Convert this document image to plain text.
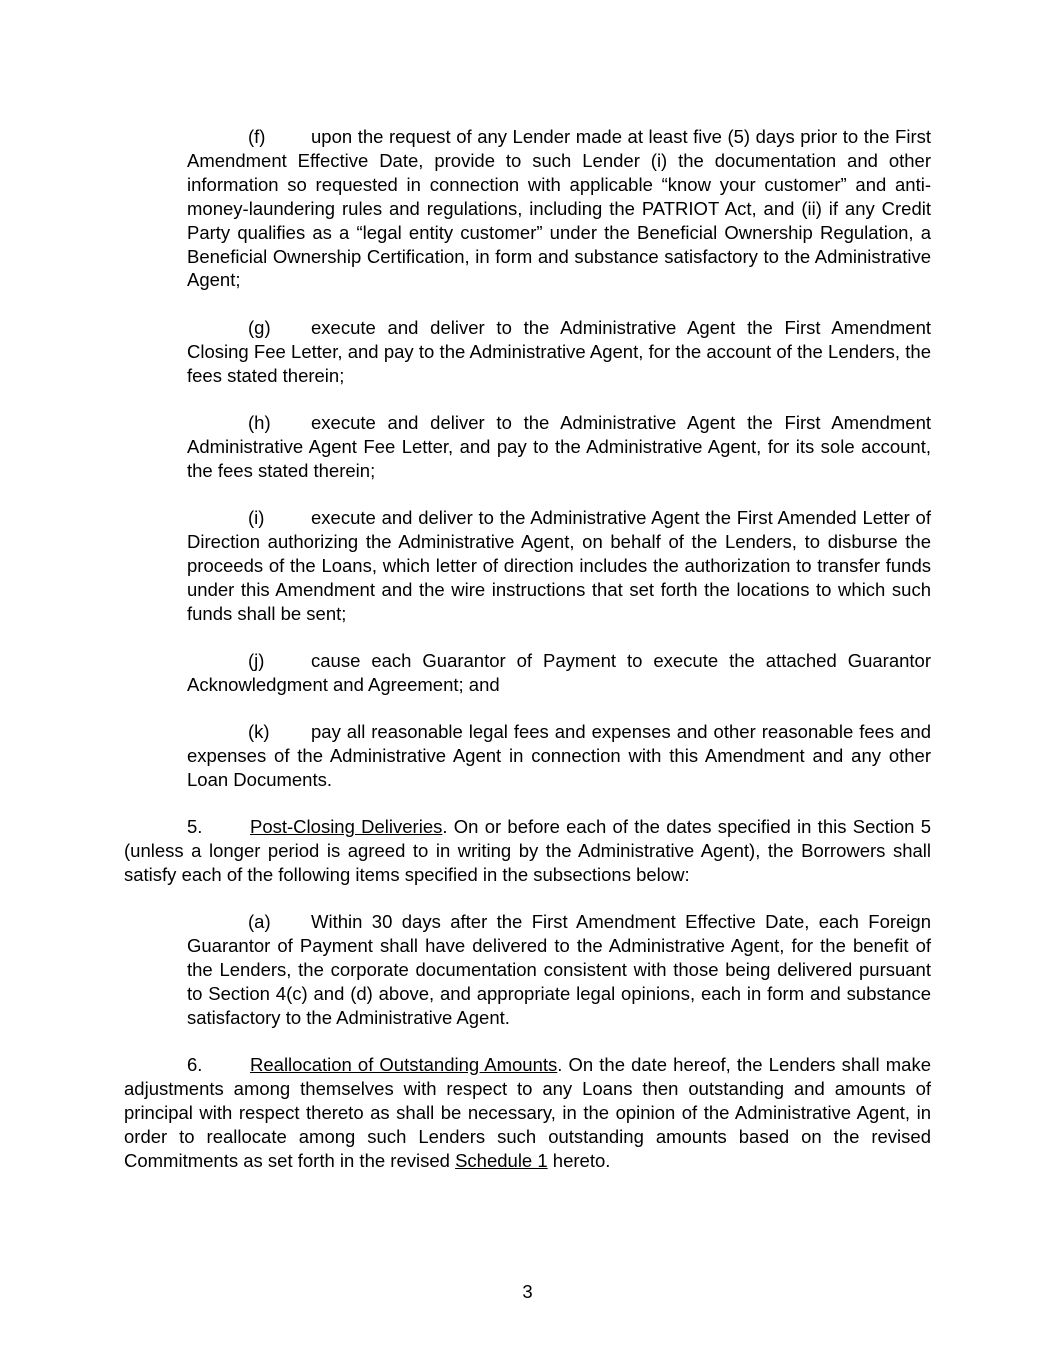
(f) upon the request of any Lender made at least five (5) days prior to the First Amendment Effective Date, provide to such Lender (i) the documentation and other information so requested in connection with applicable “know your customer” and anti-money-laundering rules and regulations, including the PATRIOT Act, and (ii) if any Credit Party qualifies as a “legal entity customer” under the Beneficial Ownership Regulation, a Beneficial Ownership Certification, in form and substance satisfactory to the Administrative Agent;

(g) execute and deliver to the Administrative Agent the First Amendment Closing Fee Letter, and pay to the Administrative Agent, for the account of the Lenders, the fees stated therein;

(h) execute and deliver to the Administrative Agent the First Amendment Administrative Agent Fee Letter, and pay to the Administrative Agent, for its sole account, the fees stated therein;

(i)	execute and deliver to the Administrative Agent the First Amended Letter of Direction authorizing the Administrative Agent, on behalf of the Lenders, to disburse the proceeds of the Loans, which letter of direction includes the authorization to transfer funds under this Amendment and the wire instructions that set forth the locations to which such funds shall be sent;

(j)	cause each Guarantor of Payment to execute the attached Guarantor Acknowledgment and Agreement; and

(k) pay all reasonable legal fees and expenses and other reasonable fees and expenses of the Administrative Agent in connection with this Amendment and any other Loan Documents.

5.	Post-Closing Deliveries. On or before each of the dates specified in this Section 5 (unless a longer period is agreed to in writing by the Administrative Agent), the Borrowers shall satisfy each of the following items specified in the subsections below:

(a) Within 30 days after the First Amendment Effective Date, each Foreign Guarantor of Payment shall have delivered to the Administrative Agent, for the benefit of the Lenders, the corporate documentation consistent with those being delivered pursuant to Section 4(c) and (d) above, and appropriate legal opinions, each in form and substance satisfactory to the Administrative Agent.

6.	Reallocation of Outstanding Amounts. On the date hereof, the Lenders shall make adjustments among themselves with respect to any Loans then outstanding and amounts of principal with respect thereto as shall be necessary, in the opinion of the Administrative Agent, in order to reallocate among such Lenders such outstanding amounts based on the revised Commitments as set forth in the revised Schedule 1 hereto.

3
